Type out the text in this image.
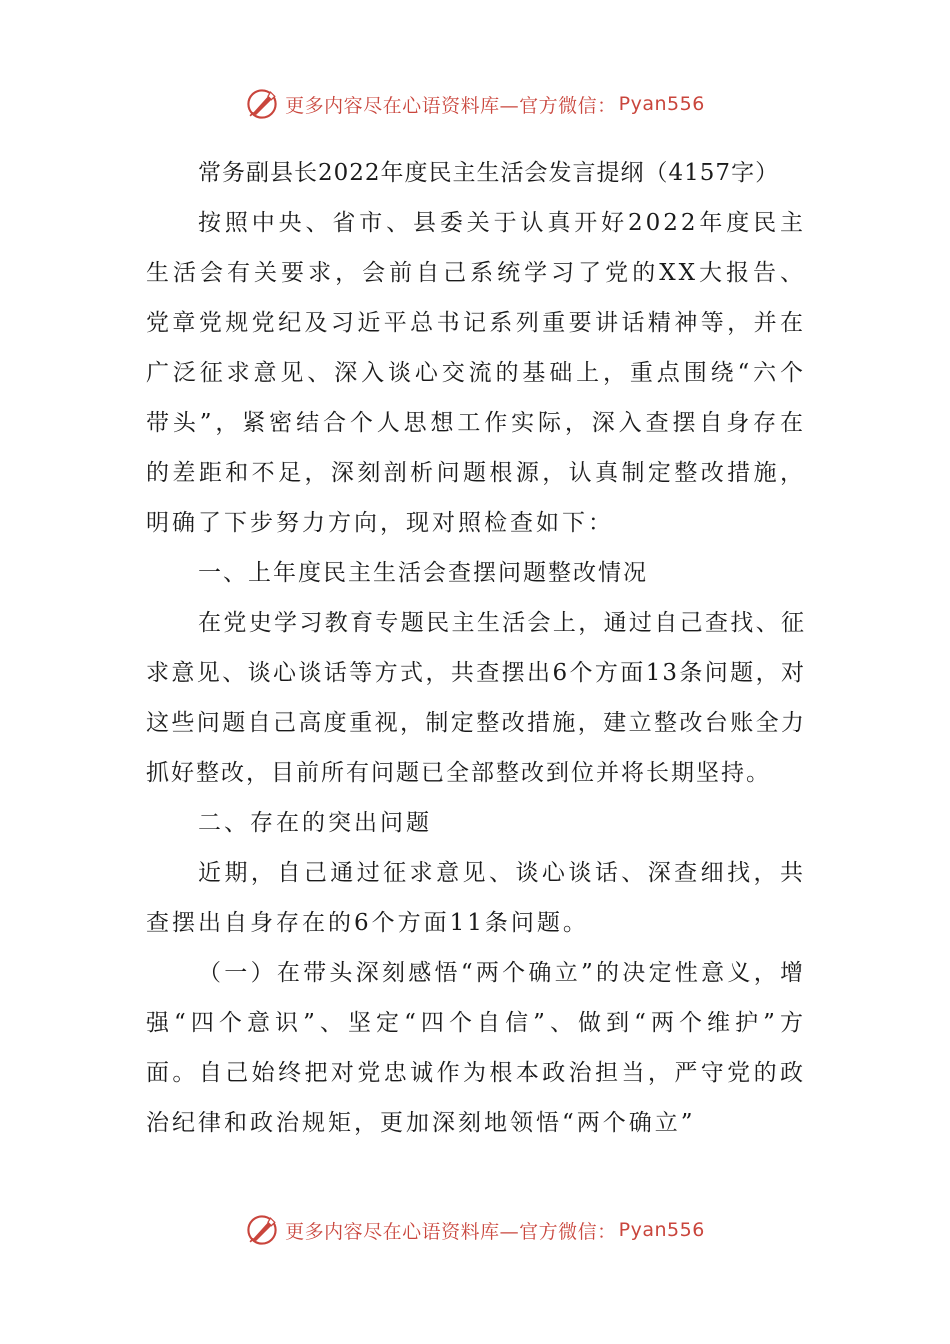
更多内容尽在心语资料库—官方微信： Pyan556
常务副县长2022年度民主生活会发言提纲（4157字）

按照中央、省市、县委关于认真开好2022年度民主生活会有关要求，会前自己系统学习了党的XX大报告、党章党规党纪及习近平总书记系列重要讲话精神等，并在广泛征求意见、深入谈心交流的基础上，重点围绕“六个带头”，紧密结合个人思想工作实际，深入查摆自身存在的差距和不足，深刻剖析问题根源，认真制定整改措施，明确了下步努力方向，现对照检查如下：

一、上年度民主生活会查摆问题整改情况

在党史学习教育专题民主生活会上，通过自己查找、征求意见、谈心谈话等方式，共查摆出6个方面13条问题，对这些问题自己高度重视，制定整改措施，建立整改台账全力抓好整改，目前所有问题已全部整改到位并将长期坚持。

二、存在的突出问题

近期，自己通过征求意见、谈心谈话、深查细找，共查摆出自身存在的6个方面11条问题。

（一）在带头深刻感悟“两个确立”的决定性意义，增强“四个意识”、坚定“四个自信”、做到“两个维护”方面。自己始终把对党忠诚作为根本政治担当，严守党的政治纪律和政治规矩，更加深刻地领悟“两个确立”

更多内容尽在心语资料库—官方微信： Pyan556
